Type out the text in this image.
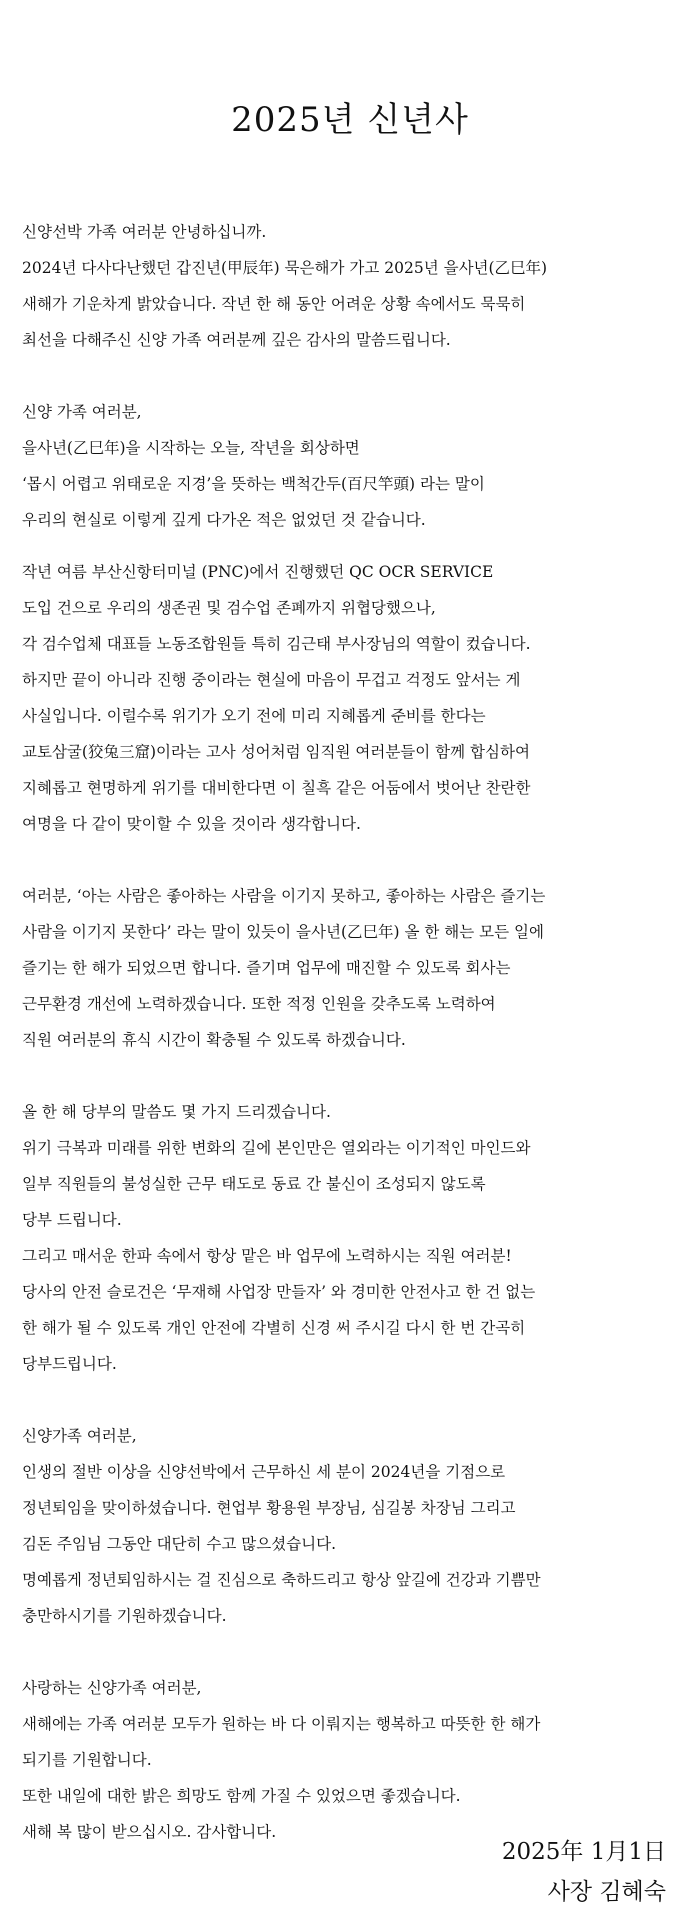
2025년 신년사
신양선박 가족 여러분 안녕하십니까.
2024년 다사다난했던 갑진년(甲辰年) 묵은해가 가고 2025년 을사년(乙巳年)
새해가 기운차게 밝았습니다. 작년 한 해 동안 어려운 상황 속에서도 묵묵히
최선을 다해주신 신양 가족 여러분께 깊은 감사의 말씀드립니다.
신양 가족 여러분,
을사년(乙巳年)을 시작하는 오늘, 작년을 회상하면
‘몹시 어렵고 위태로운 지경’을 뜻하는 백척간두(百尺竿頭) 라는 말이
우리의 현실로 이렇게 깊게 다가온 적은 없었던 것 같습니다.
작년 여름 부산신항터미널 (PNC)에서 진행했던 QC OCR SERVICE
도입 건으로 우리의 생존권 및 검수업 존폐까지 위협당했으나,
각 검수업체 대표들 노동조합원들 특히 김근태 부사장님의 역할이 컸습니다.
하지만 끝이 아니라 진행 중이라는 현실에 마음이 무겁고 걱정도 앞서는 게
사실입니다. 이럴수록 위기가 오기 전에 미리 지혜롭게 준비를 한다는
교토삼굴(狡兔三窟)이라는 고사 성어처럼 임직원 여러분들이 함께 합심하여
지혜롭고 현명하게 위기를 대비한다면 이 칠흑 같은 어둠에서 벗어난 찬란한
여명을 다 같이 맞이할 수 있을 것이라 생각합니다.
여러분, ‘아는 사람은 좋아하는 사람을 이기지 못하고, 좋아하는 사람은 즐기는
사람을 이기지 못한다’ 라는 말이 있듯이 을사년(乙巳年) 올 한 해는 모든 일에
즐기는 한 해가 되었으면 합니다. 즐기며 업무에 매진할 수 있도록 회사는
근무환경 개선에 노력하겠습니다. 또한 적정 인원을 갖추도록 노력하여
직원 여러분의 휴식 시간이 확충될 수 있도록 하겠습니다.
올 한 해 당부의 말씀도 몇 가지 드리겠습니다.
위기 극복과 미래를 위한 변화의 길에 본인만은 열외라는 이기적인 마인드와
일부 직원들의 불성실한 근무 태도로 동료 간 불신이 조성되지 않도록
당부 드립니다.
그리고 매서운 한파 속에서 항상 맡은 바 업무에 노력하시는 직원 여러분!
당사의 안전 슬로건은 ‘무재해 사업장 만들자’ 와 경미한 안전사고 한 건 없는
한 해가 될 수 있도록 개인 안전에 각별히 신경 써 주시길 다시 한 번 간곡히
당부드립니다.
신양가족 여러분,
인생의 절반 이상을 신양선박에서 근무하신 세 분이 2024년을 기점으로
정년퇴임을 맞이하셨습니다. 현업부 황용원 부장님, 심길봉 차장님 그리고
김돈 주임님 그동안 대단히 수고 많으셨습니다.
명예롭게 정년퇴임하시는 걸 진심으로 축하드리고 항상 앞길에 건강과 기쁨만
충만하시기를 기원하겠습니다.
사랑하는 신양가족 여러분,
새해에는 가족 여러분 모두가 원하는 바 다 이뤄지는 행복하고 따뜻한 한 해가
되기를 기원합니다.
또한 내일에 대한 밝은 희망도 함께 가질 수 있었으면 좋겠습니다.
새해 복 많이 받으십시오. 감사합니다.
2025年 1月1日
사장 김혜숙
